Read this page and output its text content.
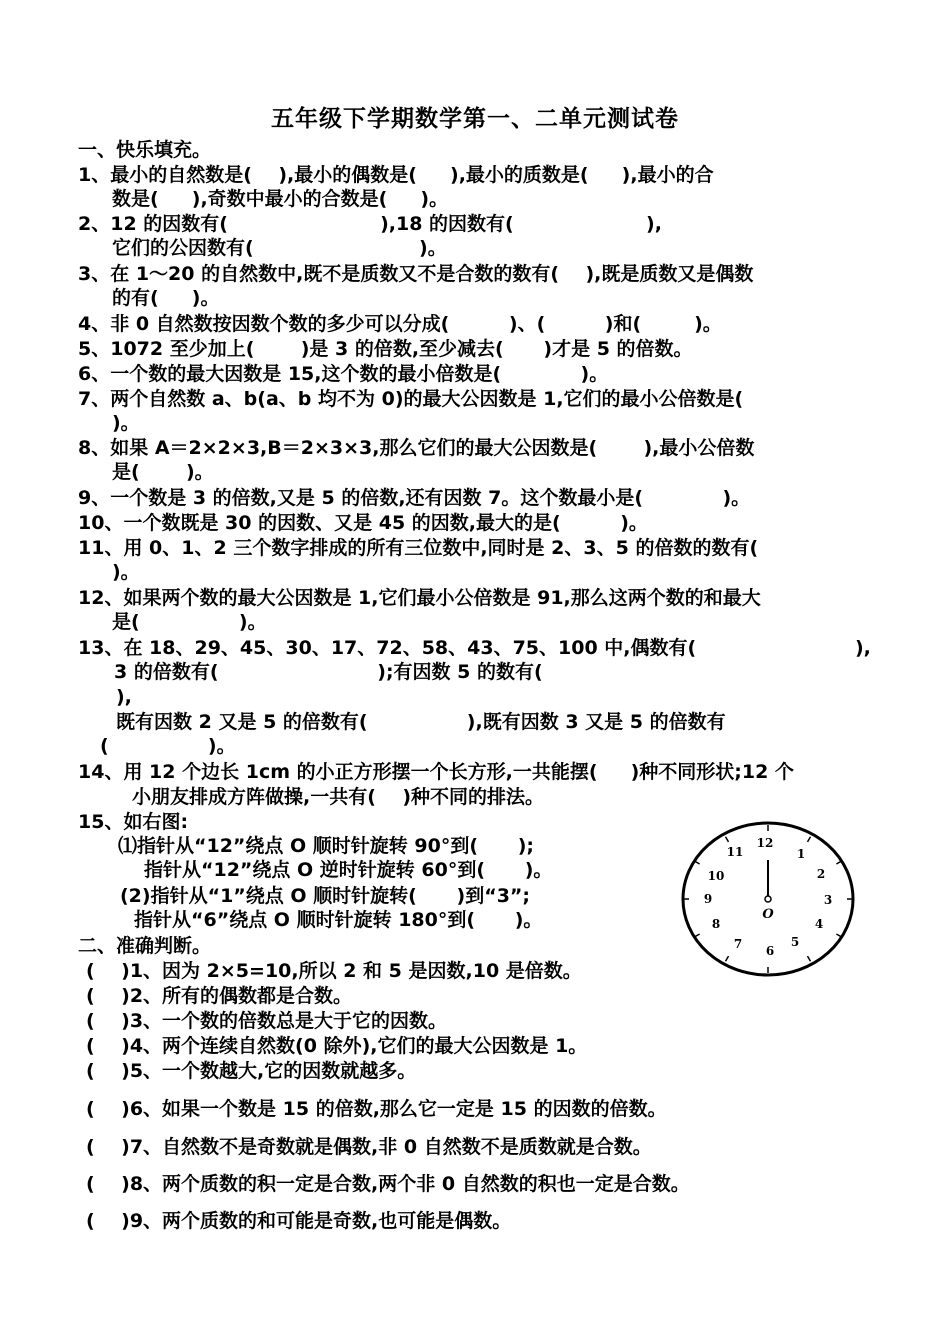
五年级下学期数学第一、二单元测试卷
一、快乐填充。
1、最小的自然数是(    ),最小的偶数是(     ),最小的质数是(     ),最小的合
数是(     ),奇数中最小的合数是(     )。
2、12 的因数有(                       ),18 的因数有(                    ),
它们的公因数有(                         )。
3、在 1～20 的自然数中,既不是质数又不是合数的数有(    ),既是质数又是偶数
的有(     )。
4、非 0 自然数按因数个数的多少可以分成(         )、(         )和(        )。
5、1072 至少加上(       )是 3 的倍数,至少减去(      )才是 5 的倍数。
6、一个数的最大因数是 15,这个数的最小倍数是(            )。
7、两个自然数 a、b(a、b 均不为 0)的最大公因数是 1,它们的最小公倍数是(
)。
8、如果 A＝2×2×3,B＝2×3×3,那么它们的最大公因数是(       ),最小公倍数
是(       )。
9、一个数是 3 的倍数,又是 5 的倍数,还有因数 7。这个数最小是(            )。
10、一个数既是 30 的因数、又是 45 的因数,最大的是(         )。
11、用 0、1、2 三个数字排成的所有三位数中,同时是 2、3、5 的倍数的数有(
)。
12、如果两个数的最大公因数是 1,它们最小公倍数是 91,那么这两个数的和最大
是(               )。
13、在 18、29、45、30、17、72、58、43、75、100 中,偶数有(                        ),
3 的倍数有(                        );有因数 5 的数有(
),
既有因数 2 又是 5 的倍数有(               ),既有因数 3 又是 5 的倍数有
(               )。
14、用 12 个边长 1cm 的小正方形摆一个长方形,一共能摆(     )种不同形状;12 个
小朋友排成方阵做操,一共有(    )种不同的排法。
15、如右图:
⑴指针从“12”绕点 O 顺时针旋转 90°到(      );
指针从“12”绕点 O 逆时针旋转 60°到(      )。
(2)指针从“1”绕点 O 顺时针旋转(      )到“3”;
指针从“6”绕点 O 顺时针旋转 180°到(      )。
二、准确判断。
(    )1、因为 2×5=10,所以 2 和 5 是因数,10 是倍数。
(    )2、所有的偶数都是合数。
(    )3、一个数的倍数总是大于它的因数。
(    )4、两个连续自然数(0 除外),它们的最大公因数是 1。
(    )5、一个数越大,它的因数就越多。
(    )6、如果一个数是 15 的倍数,那么它一定是 15 的因数的倍数。
(    )7、自然数不是奇数就是偶数,非 0 自然数不是质数就是合数。
(    )8、两个质数的积一定是合数,两个非 0 自然数的积也一定是合数。
(    )9、两个质数的和可能是奇数,也可能是偶数。
12
1
2
3
4
5
6
7
8
9
10
11
O
